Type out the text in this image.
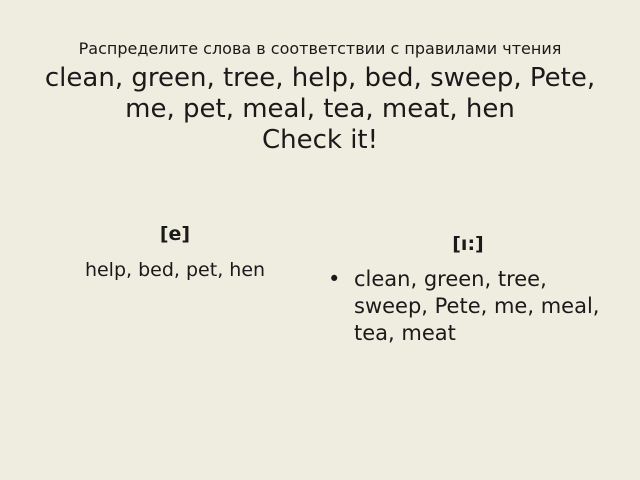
Распределите слова в соответствии с правилами чтения

clean, green, tree, help, bed, sweep, Pete, me, pet, meal, tea, meat, hen

Check it!

[e]

help, bed, pet, hen

[ı:]

• clean, green, tree, sweep, Pete, me, meal, tea, meat
